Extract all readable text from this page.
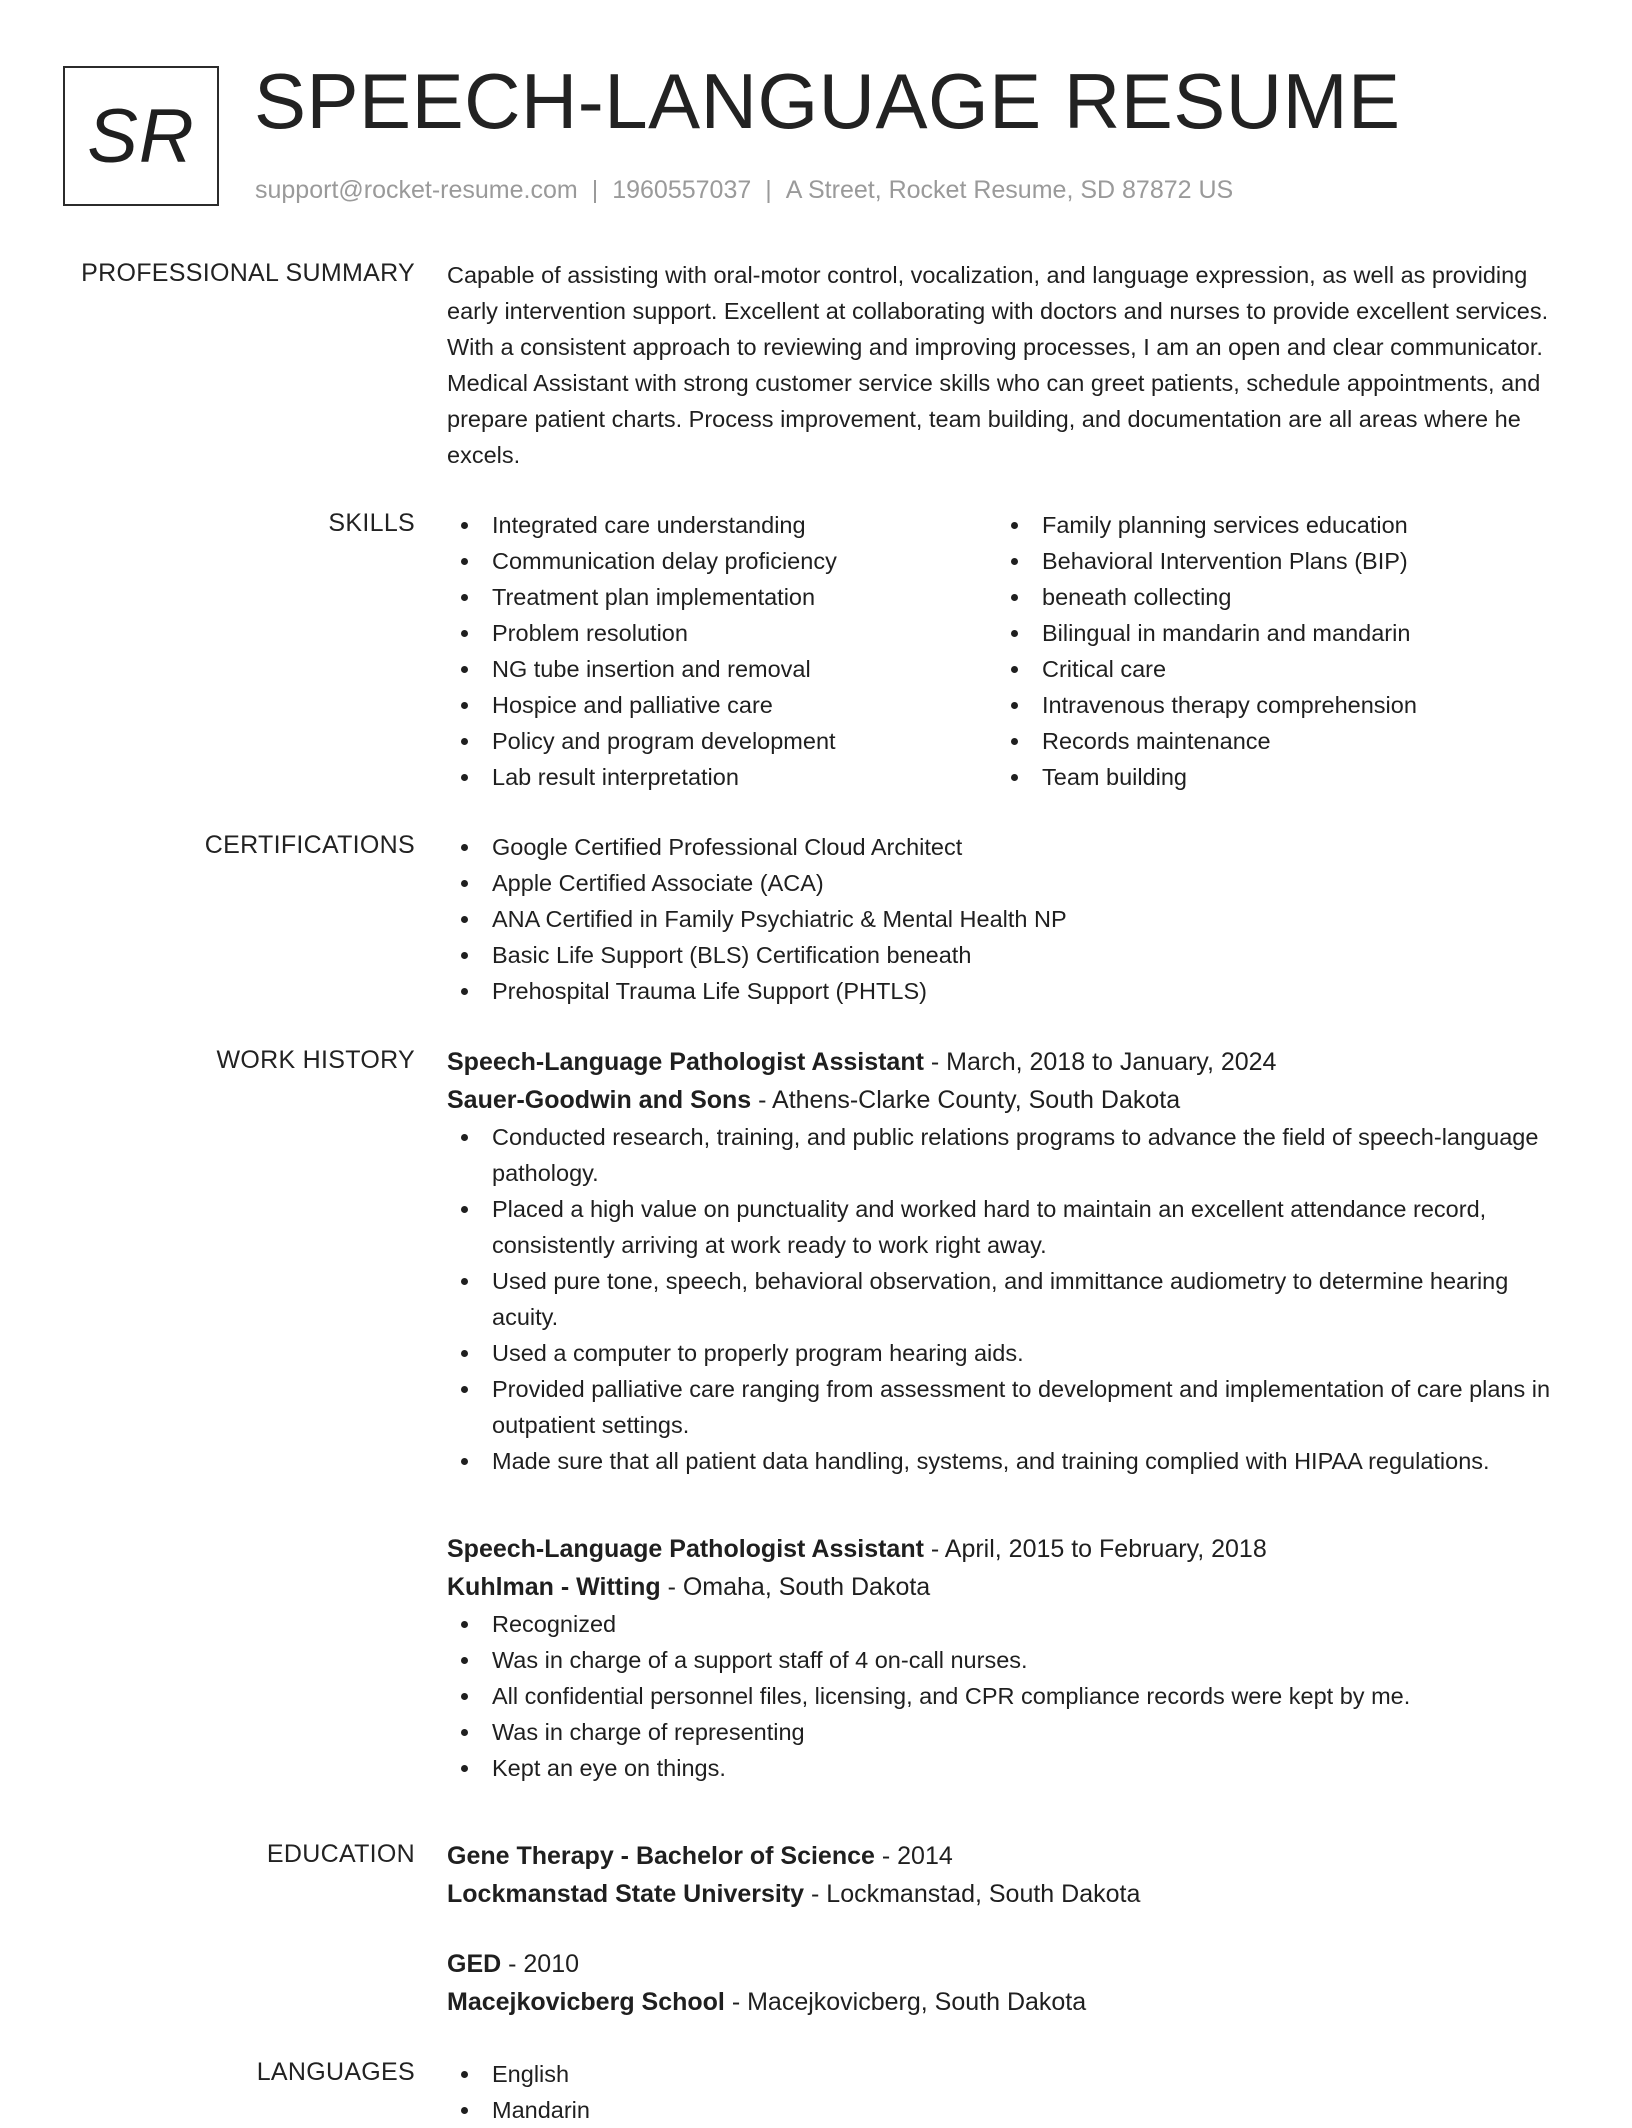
SR SPEECH-LANGUAGE RESUME
support@rocket-resume.com | 1960557037 | A Street, Rocket Resume, SD 87872 US
PROFESSIONAL SUMMARY Capable of assisting with oral-motor control, vocalization, and language expression, as well as providing early intervention support. Excellent at collaborating with doctors and nurses to provide excellent services. With a consistent approach to reviewing and improving processes, I am an open and clear communicator. Medical Assistant with strong customer service skills who can greet patients, schedule appointments, and prepare patient charts. Process improvement, team building, and documentation are all areas where he excels.

SKILLS	Integrated care understanding
Communication delay proficiency
Treatment plan implementation
Problem resolution
NG tube insertion and removal
Hospice and palliative care
Policy and program development
Lab result interpretation
Family planning services education
Behavioral Intervention Plans (BIP)
beneath collecting
Bilingual in mandarin and mandarin
Critical care
Intravenous therapy comprehension
Records maintenance
Team building
CERTIFICATIONS	Google Certified Professional Cloud Architect
Apple Certified Associate (ACA)
ANA Certified in Family Psychiatric & Mental Health NP
Basic Life Support (BLS) Certification beneath
Prehospital Trauma Life Support (PHTLS)
WORK HISTORY Speech-Language Pathologist Assistant - March, 2018 to January, 2024
Sauer-Goodwin and Sons - Athens-Clarke County, South Dakota
Conducted research, training, and public relations programs to advance the field of speech-language pathology.
Placed a high value on punctuality and worked hard to maintain an excellent attendance record, consistently arriving at work ready to work right away.
Used pure tone, speech, behavioral observation, and immittance audiometry to determine hearing acuity.
Used a computer to properly program hearing aids.
Provided palliative care ranging from assessment to development and implementation of care plans in outpatient settings.
Made sure that all patient data handling, systems, and training complied with HIPAA regulations.
Speech-Language Pathologist Assistant - April, 2015 to February, 2018
Kuhlman - Witting - Omaha, South Dakota
Recognized
Was in charge of a support staff of 4 on-call nurses.
All confidential personnel files, licensing, and CPR compliance records were kept by me.
Was in charge of representing
Kept an eye on things.
EDUCATION Gene Therapy - Bachelor of Science - 2014
Lockmanstad State University - Lockmanstad, South Dakota
GED - 2010
Macejkovicberg School - Macejkovicberg, South Dakota
LANGUAGES	English
Mandarin
